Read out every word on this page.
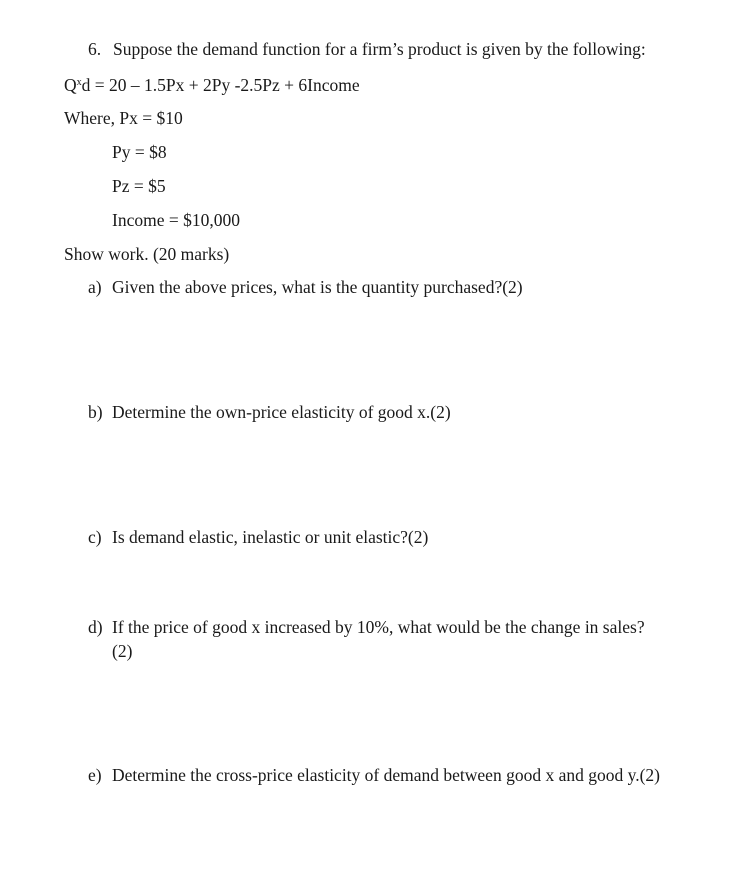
6. Suppose the demand function for a firm’s product is given by the following:
$Q^xd = 20 - 1.5Px + 2Py$ -2.5Pz + 6Income
Where, Px = $10
Py = $8
Pz = $5
Income = $10,000
Show work. (20 marks)
a) Given the above prices, what is the quantity purchased?(2)
b) Determine the own-price elasticity of good x.(2)
c) Is demand elastic, inelastic or unit elastic?(2)
d) If the price of good x increased by 10%, what would be the change in sales?(2)
e) Determine the cross-price elasticity of demand between good x and good y.(2)
